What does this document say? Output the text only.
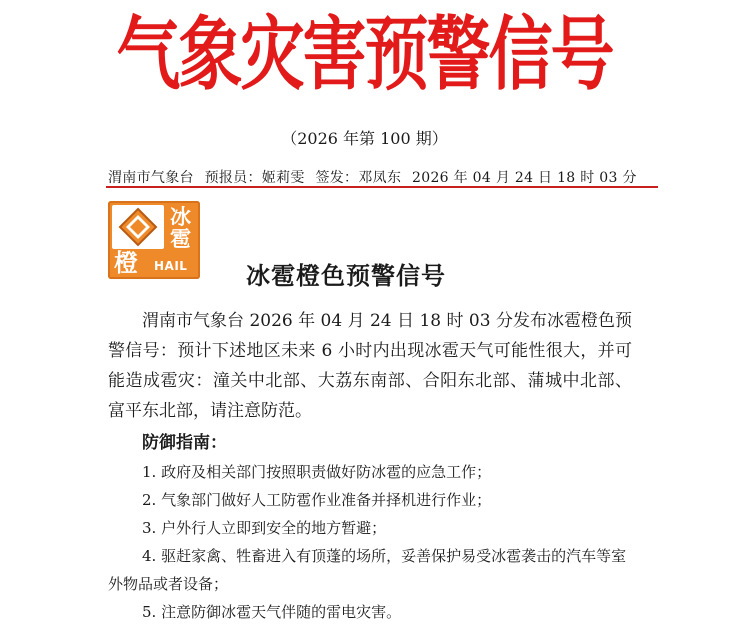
气象灾害预警信号
（2026 年第 100 期）
渭南市气象台 预报员：姬莉雯 签发：邓凤东 2026 年 04 月 24 日 18 时 03 分
冰
雹
橙 HAIL 冰雹橙色预警信号

渭南市气象台 2026 年 04 月 24 日 18 时 03 分发布冰雹橙色预警信号：预计下述地区未来 6 小时内出现冰雹天气可能性很大，并可能造成雹灾：潼关中北部、大荔东南部、合阳东北部、蒲城中北部、富平东北部，请注意防范。

防御指南：
1. 政府及相关部门按照职责做好防冰雹的应急工作；
2. 气象部门做好人工防雹作业准备并择机进行作业；
3. 户外行人立即到安全的地方暂避；
4. 驱赶家禽、牲畜进入有顶蓬的场所，妥善保护易受冰雹袭击的汽车等室外物品或者设备；
5. 注意防御冰雹天气伴随的雷电灾害。
